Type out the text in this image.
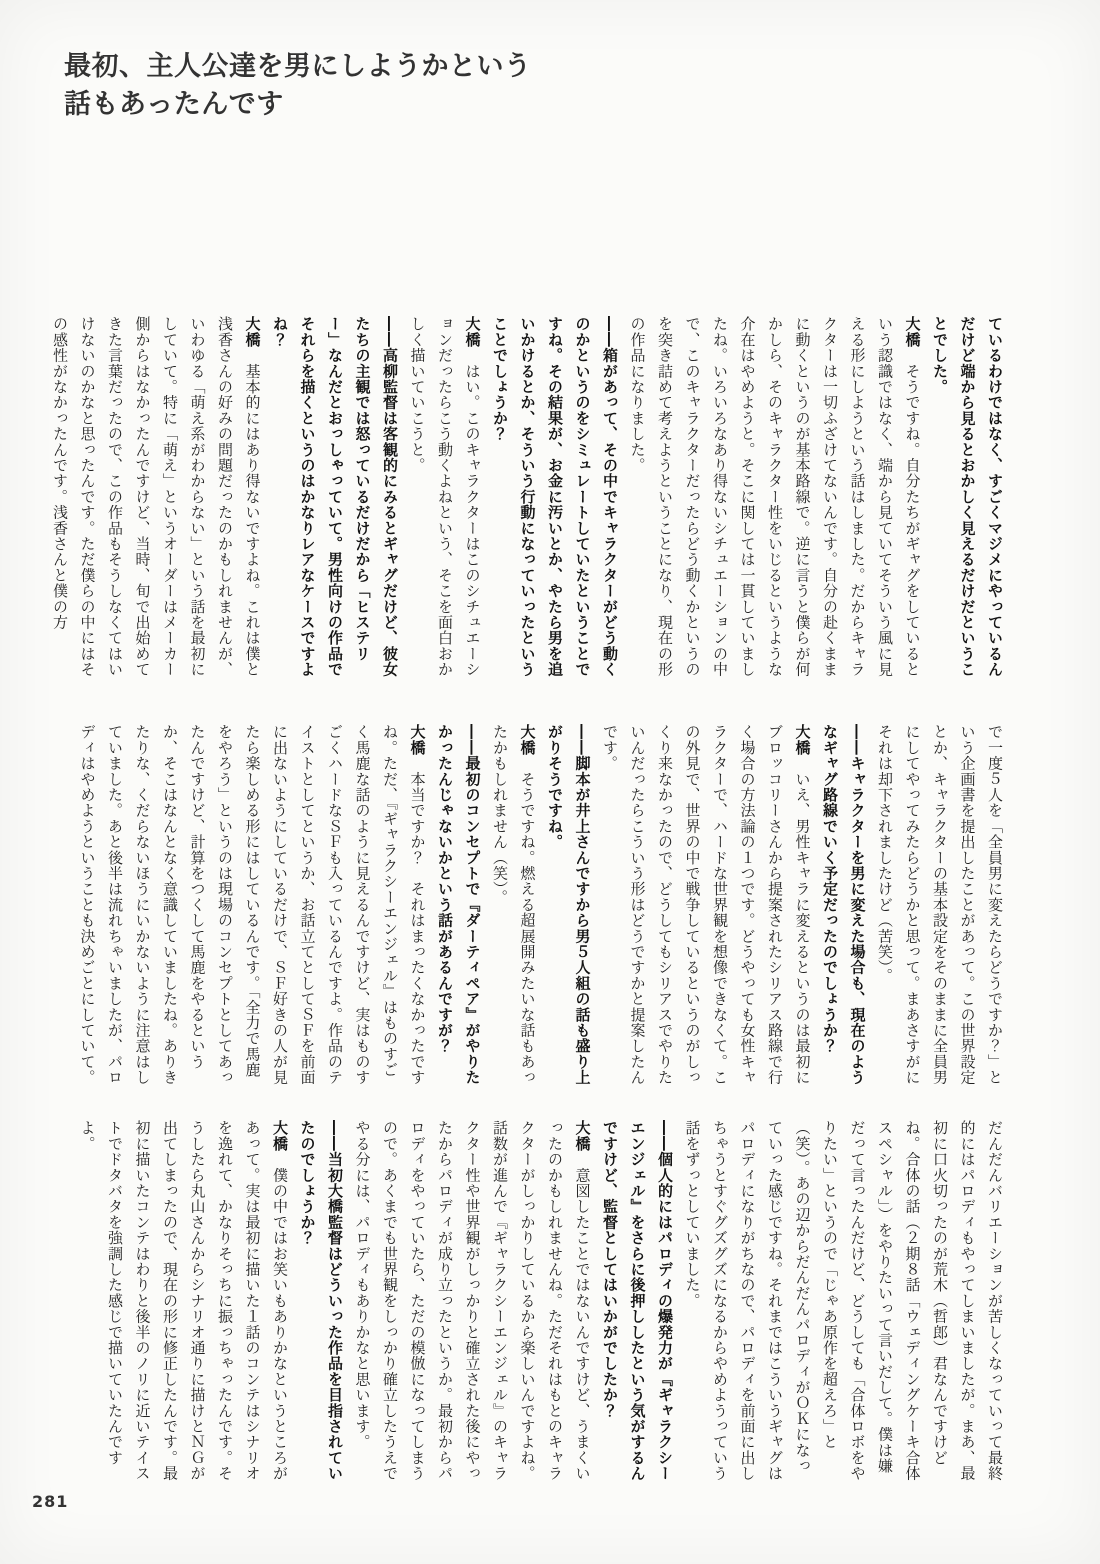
最初、主人公達を男にしようかという
話もあったんです

ているわけではなく、すごくマジメにやっているんだけど端から見るとおかしく見えるだけだということでした。

大橋　そうですね。自分たちがギャグをしているという認識ではなく、端から見ていてそういう風に見える形にしようという話はしました。だからキャラクターは一切ふざけてないんです。自分の赴くままに動くというのが基本路線で。逆に言うと僕らが何かしら、そのキャラクター性をいじるというような介在はやめようと。そこに関しては一貫していましたね。いろいろなあり得ないシチュエーションの中で、このキャラクターだったらどう動くかというのを突き詰めて考えようということになり、現在の形の作品になりました。

――箱があって、その中でキャラクターがどう動くのかというのをシミュレートしていたということですね。その結果が、お金に汚いとか、やたら男を追いかけるとか、そういう行動になっていったということでしょうか？

大橋　はい。このキャラクターはこのシチュエーションだったらこう動くよねという、そこを面白おかしく描いていこうと。

――高柳監督は客観的にみるとギャグだけど、彼女たちの主観では怒っているだけだから「ヒステリー」なんだとおっしゃっていて。男性向けの作品でそれらを描くというのはかなりレアなケースですよね？

大橋　基本的にはあり得ないですよね。これは僕と浅香さんの好みの問題だったのかもしれませんが、いわゆる「萌え系がわからない」という話を最初にしていて。特に「萌え」というオーダーはメーカー側からはなかったんですけど、当時、旬で出始めてきた言葉だったので、この作品もそうしなくてはいけないのかなと思ったんです。ただ僕らの中にはその感性がなかったんです。浅香さんと僕の方

で一度５人を「全員男に変えたらどうですか？」という企画書を提出したことがあって。この世界設定とか、キャラクターの基本設定をそのままに全員男にしてやってみたらどうかと思って。まあさすがにそれは却下されましたけど（苦笑）。

――キャラクターを男に変えた場合も、現在のようなギャグ路線でいく予定だったのでしょうか？

大橋　いえ、男性キャラに変えるというのは最初にブロッコリーさんから提案されたシリアス路線で行く場合の方法論の１つです。どうやっても女性キャラクターで、ハードな世界観を想像できなくて。この外見で、世界の中で戦争しているというのがしっくり来なかったので、どうしてもシリアスでやりたいんだったらこういう形はどうですかと提案したんです。

――脚本が井上さんですから男５人組の話も盛り上がりそうですね。

大橋　そうですね。燃える超展開みたいな話もあったかもしれません（笑）。

――最初のコンセプトで『ダーティペア』がやりたかったんじゃないかという話があるんですが？

大橋　本当ですか？　それはまったくなかったですね。ただ、『ギャラクシーエンジェル』はものすごく馬鹿な話のように見えるんですけど、実はものすごくハードなＳＦも入っているんですよ。作品のテイストとしてというか、お話立てとしてＳＦを前面に出ないようにしているだけで、ＳＦ好きの人が見たら楽しめる形にはしているんです。「全力で馬鹿をやろう」というのは現場のコンセプトとしてあったんですけど、計算をつくして馬鹿をやるというか、そこはなんとなく意識していましたね。ありきたりな、くだらないほうにいかないように注意はしていました。あと後半は流れちゃいましたが、パロディはやめようということも決めごとにしていて。

だんだんバリエーションが苦しくなっていって最終的にはパロディもやってしまいましたが。まあ、最初に口火切ったのが荒木（哲郎）君なんですけどね。合体の話（２期８話「ウェディングケーキ合体スペシャル」）をやりたいって言いだして。僕は嫌だって言ったんだけど、どうしても「合体ロボをやりたい」というので「じゃあ原作を超えろ」と（笑）。あの辺からだんだんパロディがＯＫになっていった感じですね。それまではこういうギャグはパロディになりがちなので、パロディを前面に出しちゃうとすぐグズグズになるからやめようっていう話をずっとしていました。

――個人的にはパロディの爆発力が『ギャラクシーエンジェル』をさらに後押ししたという気がするんですけど、監督としてはいかがでしたか？

大橋　意図したことではないんですけど、うまくいったのかもしれませんね。ただそれはもとのキャラクターがしっかりしているから楽しいんですよね。話数が進んで『ギャラクシーエンジェル』のキャラクター性や世界観がしっかりと確立された後にやったからパロディが成り立ったというか。最初からパロディをやっていたら、ただの模倣になってしまうので。あくまでも世界観をしっかり確立したうえでやる分には、パロディもありかなと思います。

――当初大橋監督はどういった作品を目指されていたのでしょうか？

大橋　僕の中ではお笑いもありかなというところがあって。実は最初に描いた１話のコンテはシナリオを逸れて、かなりそっちに振っちゃったんです。そうしたら丸山さんからシナリオ通りに描けとＮＧが出てしまったので、現在の形に修正したんです。最初に描いたコンテはわりと後半のノリに近いテイストでドタバタを強調した感じで描いていたんですよ。

281
